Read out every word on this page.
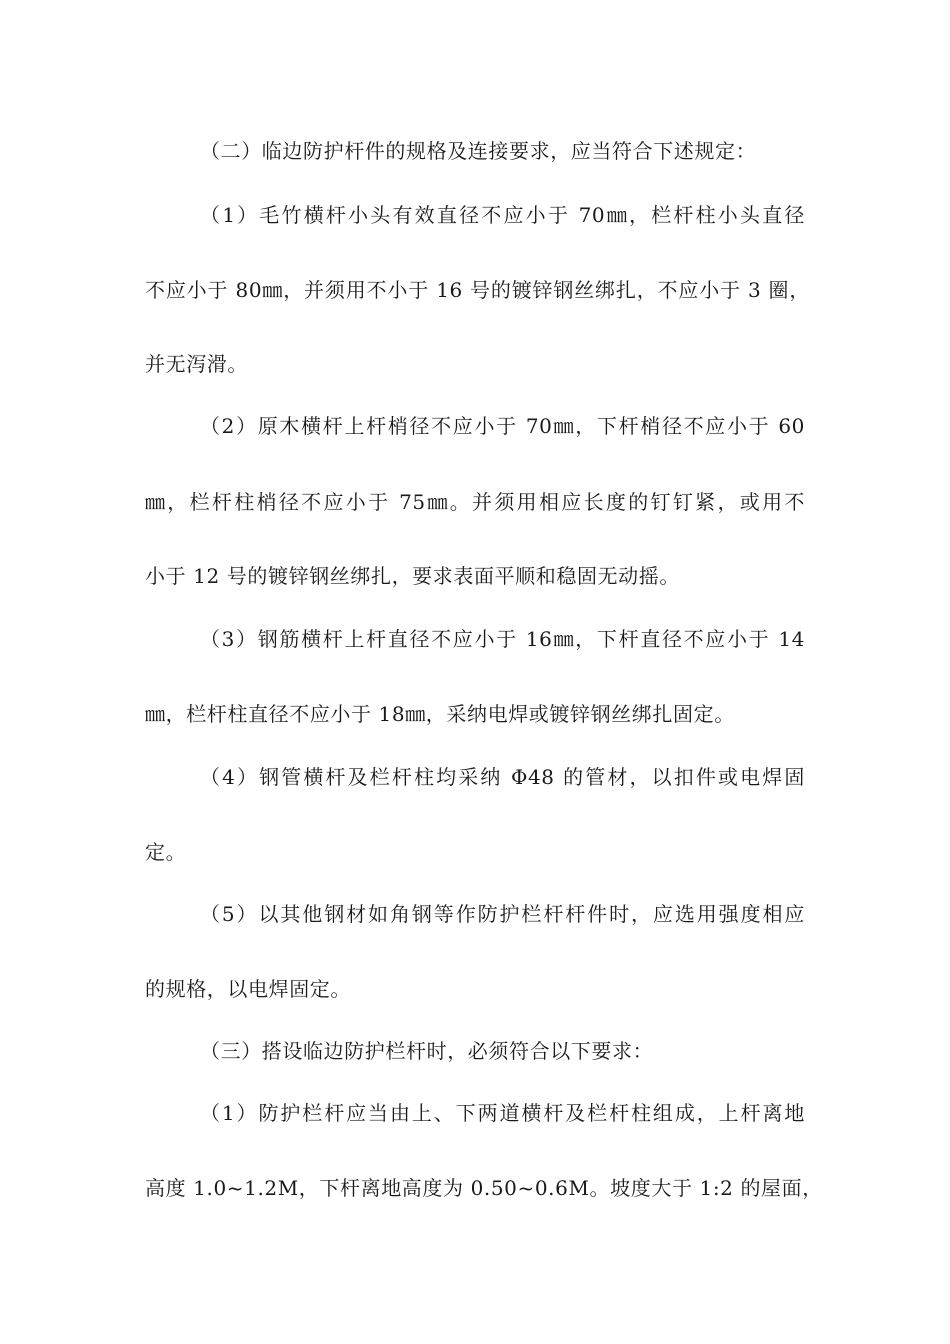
（二）临边防护杆件的规格及连接要求，应当符合下述规定：
（1）毛竹横杆小头有效直径不应小于 70㎜，栏杆柱小头直径
不应小于 80㎜，并须用不小于 16 号的镀锌钢丝绑扎，不应小于 3 圈，
并无泻滑。
（2）原木横杆上杆梢径不应小于 70㎜，下杆梢径不应小于 60
㎜，栏杆柱梢径不应小于 75㎜。并须用相应长度的钉钉紧，或用不
小于 12 号的镀锌钢丝绑扎，要求表面平顺和稳固无动摇。
（3）钢筋横杆上杆直径不应小于 16㎜，下杆直径不应小于 14
㎜，栏杆柱直径不应小于 18㎜，采纳电焊或镀锌钢丝绑扎固定。
（4）钢管横杆及栏杆柱均采纳 Φ48 的管材，以扣件或电焊固
定。
（5）以其他钢材如角钢等作防护栏杆杆件时，应选用强度相应
的规格，以电焊固定。
（三）搭设临边防护栏杆时，必须符合以下要求：
（1）防护栏杆应当由上、下两道横杆及栏杆柱组成，上杆离地
高度 1.0~1.2M，下杆离地高度为 0.50~0.6M。坡度大于 1:2 的屋面，
